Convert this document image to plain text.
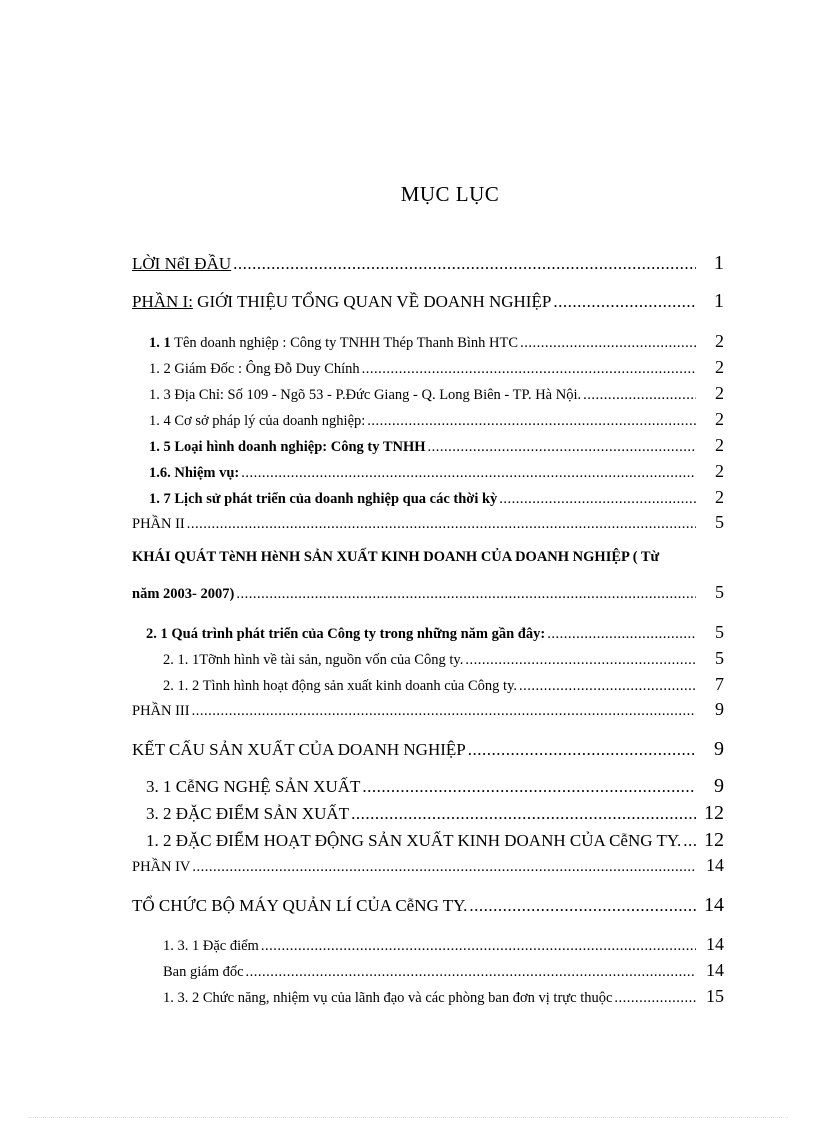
MỤC LỤC
LỜI NểI ĐẦU .....	1
PHẦN I: GIỚI THIỆU TỔNG QUAN VỀ DOANH NGHIỆP .....	1
1. 1 Tên doanh nghiệp : Công ty TNHH Thép Thanh Bình HTC .....	2
1. 2 Giám Đốc : Ông Đỗ Duy Chính .....	2
1. 3 Địa Chỉ: Số 109 - Ngõ 53 - P.Đức Giang - Q. Long Biên - TP. Hà Nội. .....	2
1. 4 Cơ sở pháp lý của doanh nghiệp: .....	2
1. 5 Loại hình doanh nghiệp: Công ty TNHH .....	2
1.6. Nhiệm vụ: .....	2
1. 7 Lịch sử phát triển của doanh nghiệp qua các thời kỳ .....	2
PHẦN II .....	5
KHÁI QUÁT TèNH HèNH SẢN XUẤT KINH DOANH CỦA DOANH NGHIỆP ( Từ
năm 2003- 2007) .....	5
2. 1 Quá trình phát triển của Công ty trong những năm gần đây: .....	5
2. 1. 1Tỡnh hình về tài sản, nguồn vốn của Công ty. .....	5
2. 1. 2 Tình hình hoạt động sản xuất kinh doanh của Công ty. .....	7
PHẦN III .....	9
KẾT CẤU SẢN XUẤT CỦA DOANH NGHIỆP .....	9
3. 1 CễNG NGHỆ SẢN XUẤT .....	9
3. 2 ĐẶC ĐIỂM SẢN XUẤT .....	12
1. 2 ĐẶC ĐIỂM HOẠT ĐỘNG SẢN XUẤT KINH DOANH CỦA CễNG TY. .....	12
PHẦN IV .....	14
TỔ CHỨC BỘ MÁY QUẢN LÍ CỦA CễNG TY. .....	14
1. 3. 1 Đặc điểm .....	14
Ban giám đốc .....	14
1. 3. 2 Chức năng, nhiệm vụ của lãnh đạo và các phòng ban đơn vị trực thuộc .....	15
